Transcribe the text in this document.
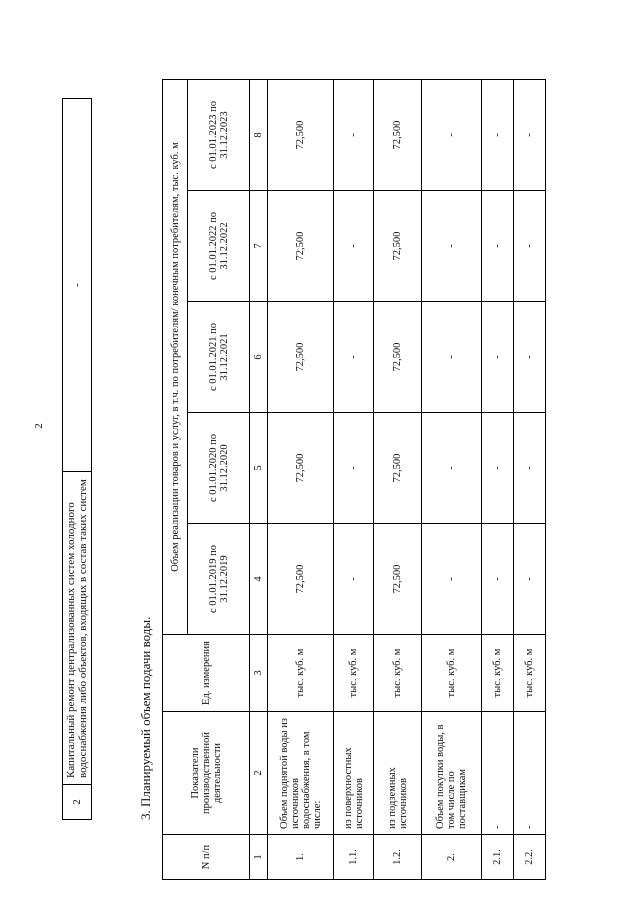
2
2	Капитальный ремонт централизованных систем холодного водоснабжения либо объектов, входящих в состав таких систем	-
3. Планируемый объем подачи воды.
N п/п	Показатели производственной деятельности	Ед. измерения	Объем реализации товаров и услуг, в т.ч. по потребителям/ конечным потребителям, тыс. куб. м				
			с 01.01.2019 по 31.12.2019	с 01.01.2020 по 31.12.2020	с 01.01.2021 по 31.12.2021	с 01.01.2022 по 31.12.2022	с 01.01.2023 по 31.12.2023
1	2	3	4	5	6	7	8
1.	Объем поднятой воды из источников водоснабжения, в том числе:	тыс. куб. м	72,500	72,500	72,500	72,500	72,500
1.1.	из поверхностных источников	тыс. куб. м	-	-	-	-	-
1.2.	из подземных источников	тыс. куб. м	72,500	72,500	72,500	72,500	72,500
2.	Объем покупки воды, в том числе по поставщикам	тыс. куб. м	-	-	-	-	-
2.1.	-	тыс. куб. м	-	-	-	-	-
2.2.	-	тыс. куб. м	-	-	-	-	-
